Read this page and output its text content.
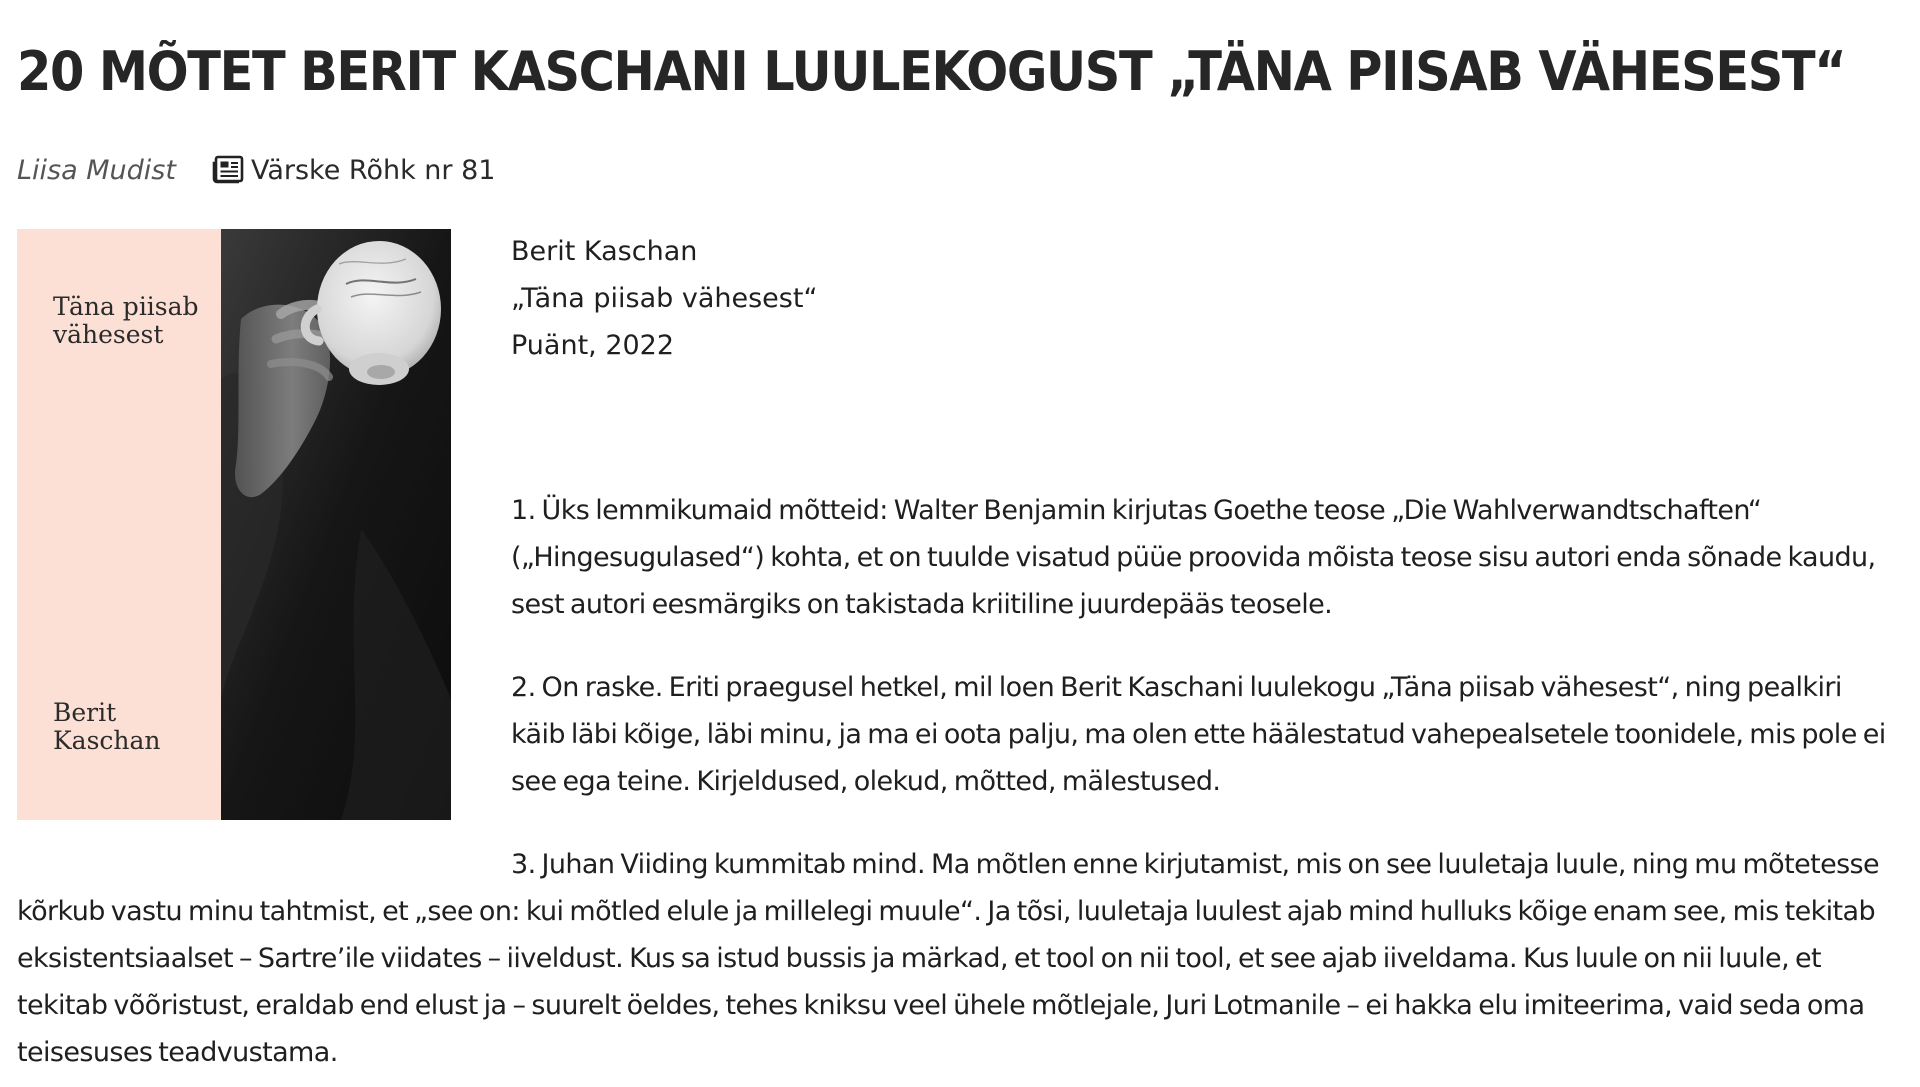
20 MÕTET BERIT KASCHANI LUULEKOGUST „TÄNA PIISAB VÄHESEST“
Liisa Mudist	Värske Rõhk nr 81
Täna piisab vähesest
Berit Kaschan
Berit Kaschan
„Täna piisab vähesest“
Puänt, 2022

1. Üks lemmikumaid mõtteid: Walter Benjamin kirjutas Goethe teose „Die Wahlverwandtschaften“ („Hingesugulased“) kohta, et on tuulde visatud püüe proovida mõista teose sisu autori enda sõnade kaudu, sest autori eesmärgiks on takistada kriitiline juurdepääs teosele.

2. On raske. Eriti praegusel hetkel, mil loen Berit Kaschani luulekogu „Täna piisab vähesest“, ning pealkiri käib läbi kõige, läbi minu, ja ma ei oota palju, ma olen ette häälestatud vahepealsetele toonidele, mis pole ei see ega teine. Kirjeldused, olekud, mõtted, mälestused.

3. Juhan Viiding kummitab mind. Ma mõtlen enne kirjutamist, mis on see luuletaja luule, ning mu mõtetesse kõrkub vastu minu tahtmist, et „see on: kui mõtled elule ja millelegi muule“. Ja tõsi, luuletaja luulest ajab mind hulluks kõige enam see, mis tekitab eksistentsiaalset – Sartre’ile viidates – iiveldust. Kus sa istud bussis ja märkad, et tool on nii tool, et see ajab iiveldama. Kus luule on nii luule, et tekitab võõristust, eraldab end elust ja – suurelt öeldes, tehes kniksu veel ühele mõtlejale, Juri Lotmanile – ei hakka elu imiteerima, vaid seda oma teisesuses teadvustama.
